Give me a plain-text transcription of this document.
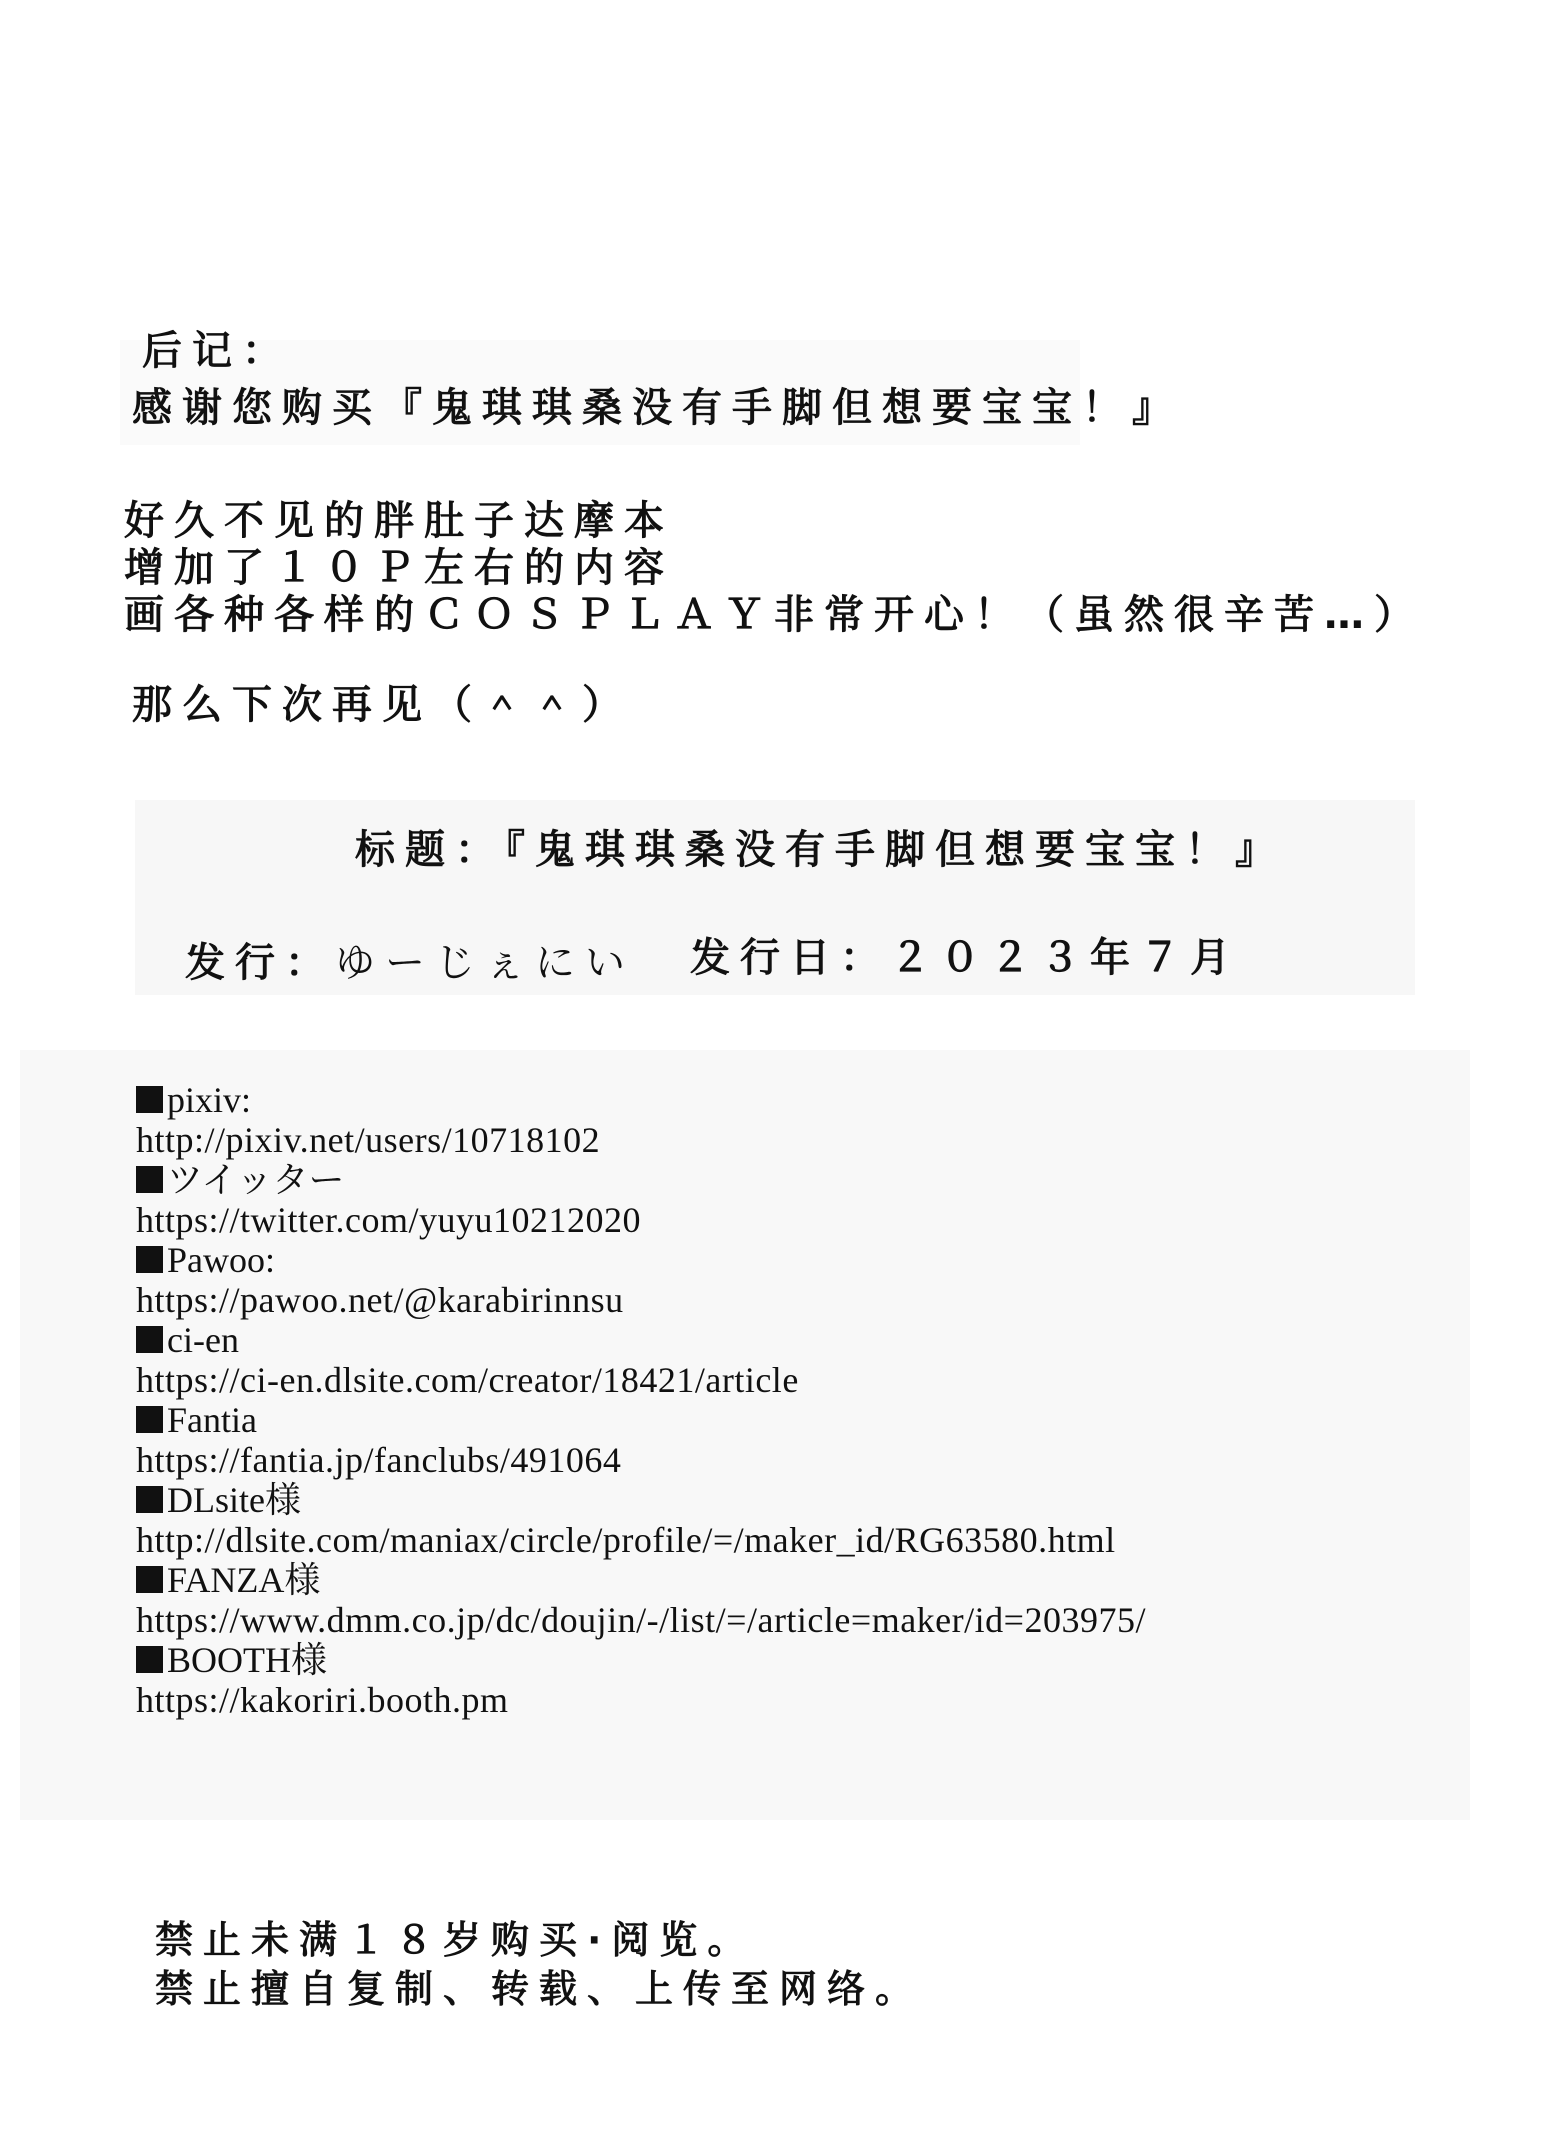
后记：

感谢您购买『鬼琪琪桑没有手脚但想要宝宝！』

好久不见的胖肚子达摩本

增加了１０Ｐ左右的内容

画各种各样的ＣＯＳＰＬＡＹ非常开心！（虽然很辛苦…）

那么下次再见（＾＾）

标题：『鬼琪琪桑没有手脚但想要宝宝！』

发行：ゆーじぇにい 发行日：２０２３年７月

pixiv:
http://pixiv.net/users/10718102
ツイッター
https://twitter.com/yuyu10212020
Pawoo:
https://pawoo.net/@karabirinnsu
ci-en
https://ci-en.dlsite.com/creator/18421/article
Fantia
https://fantia.jp/fanclubs/491064
DLsite様
http://dlsite.com/maniax/circle/profile/=/maker_id/RG63580.html
FANZA様
https://www.dmm.co.jp/dc/doujin/-/list/=/article=maker/id=203975/
BOOTH様
https://kakoriri.booth.pm

禁止未满１８岁购买·阅览。

禁止擅自复制、转载、上传至网络。
